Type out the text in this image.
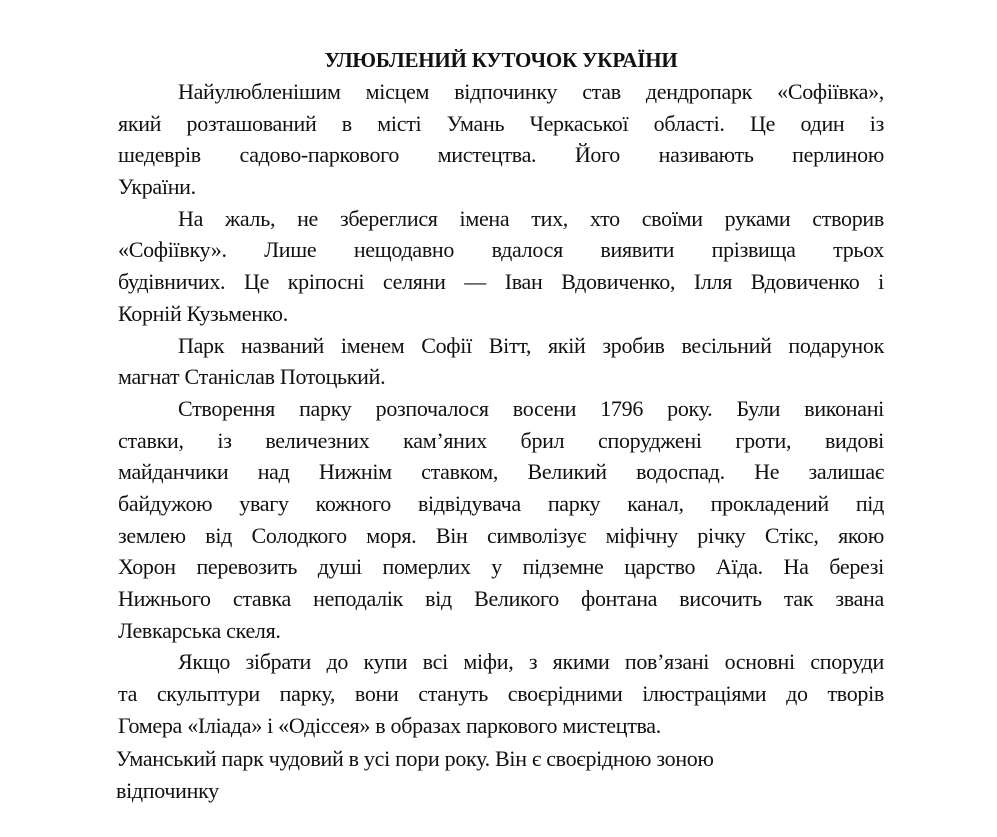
УЛЮБЛЕНИЙ КУТОЧОК УКРАЇНИ
Найулюбленішим місцем відпочинку став дендропарк «Софіївка»,
який розташований в місті Умань Черкаської області. Це один із
шедеврів садово-паркового мистецтва. Його називають перлиною
України.
На жаль, не збереглися імена тих, хто своїми руками створив
«Софіївку». Лише нещодавно вдалося виявити прізвища трьох
будівничих. Це кріпосні селяни — Іван Вдовиченко, Ілля Вдовиченко і
Корній Кузьменко.
Парк названий іменем Софії Вітт, якій зробив весільний подарунок
магнат Станіслав Потоцький.
Створення парку розпочалося восени 1796 року. Були виконані
ставки, із величезних кам’яних брил споруджені гроти, видові
майданчики над Нижнім ставком, Великий водоспад. Не залишає
байдужою увагу кожного відвідувача парку канал, прокладений під
землею від Солодкого моря. Він символізує міфічну річку Стікс, якою
Хорон перевозить душі померлих у підземне царство Аїда. На березі
Нижнього ставка неподалік від Великого фонтана височить так звана
Левкарська скеля.
Якщо зібрати до купи всі міфи, з якими пов’язані основні споруди
та скульптури парку, вони стануть своєрідними ілюстраціями до творів
Гомера «Іліада» і «Одіссея» в образах паркового мистецтва.
Уманський парк чудовий в усі пори року. Він є своєрідною зоною
відпочинку
